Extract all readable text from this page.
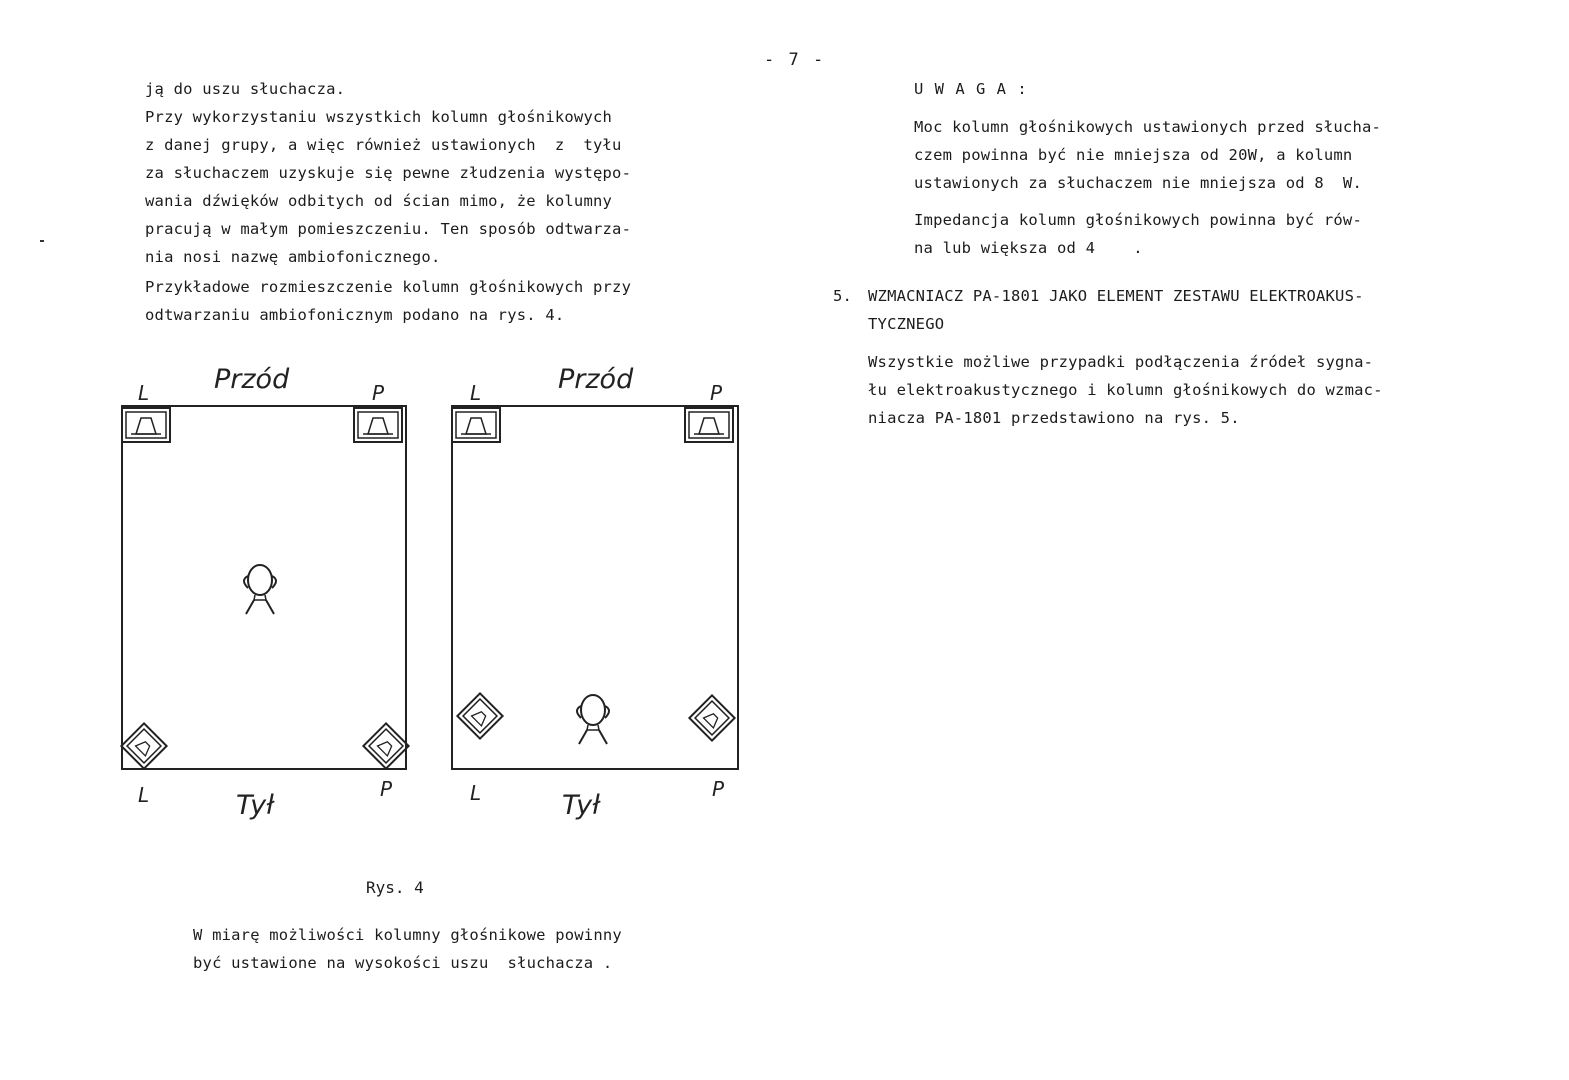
- 7 -
ją do uszu słuchacza.
Przy wykorzystaniu wszystkich kolumn głośnikowych
z danej grupy, a więc również ustawionych  z  tyłu
za słuchaczem uzyskuje się pewne złudzenia występo-
wania dźwięków odbitych od ścian mimo, że kolumny
pracują w małym pomieszczeniu. Ten sposób odtwarza-
nia nosi nazwę ambiofonicznego.
Przykładowe rozmieszczenie kolumn głośnikowych przy
odtwarzaniu ambiofonicznym podano na rys. 4.
Przód
L	P
Tył
L	P
Przód
L	P
Tył
L	P
Rys. 4
W miarę możliwości kolumny głośnikowe powinny
być ustawione na wysokości uszu  słuchacza .
U W A G A :
Moc kolumn głośnikowych ustawionych przed słucha-
czem powinna być nie mniejsza od 20W, a kolumn
ustawionych za słuchaczem nie mniejsza od 8  W.
Impedancja kolumn głośnikowych powinna być rów-
na lub większa od 4    .
5. WZMACNIACZ PA-1801 JAKO ELEMENT ZESTAWU ELEKTROAKUS-
TYCZNEGO
Wszystkie możliwe przypadki podłączenia źródeł sygna-
łu elektroakustycznego i kolumn głośnikowych do wzmac-
niacza PA-1801 przedstawiono na rys. 5.
